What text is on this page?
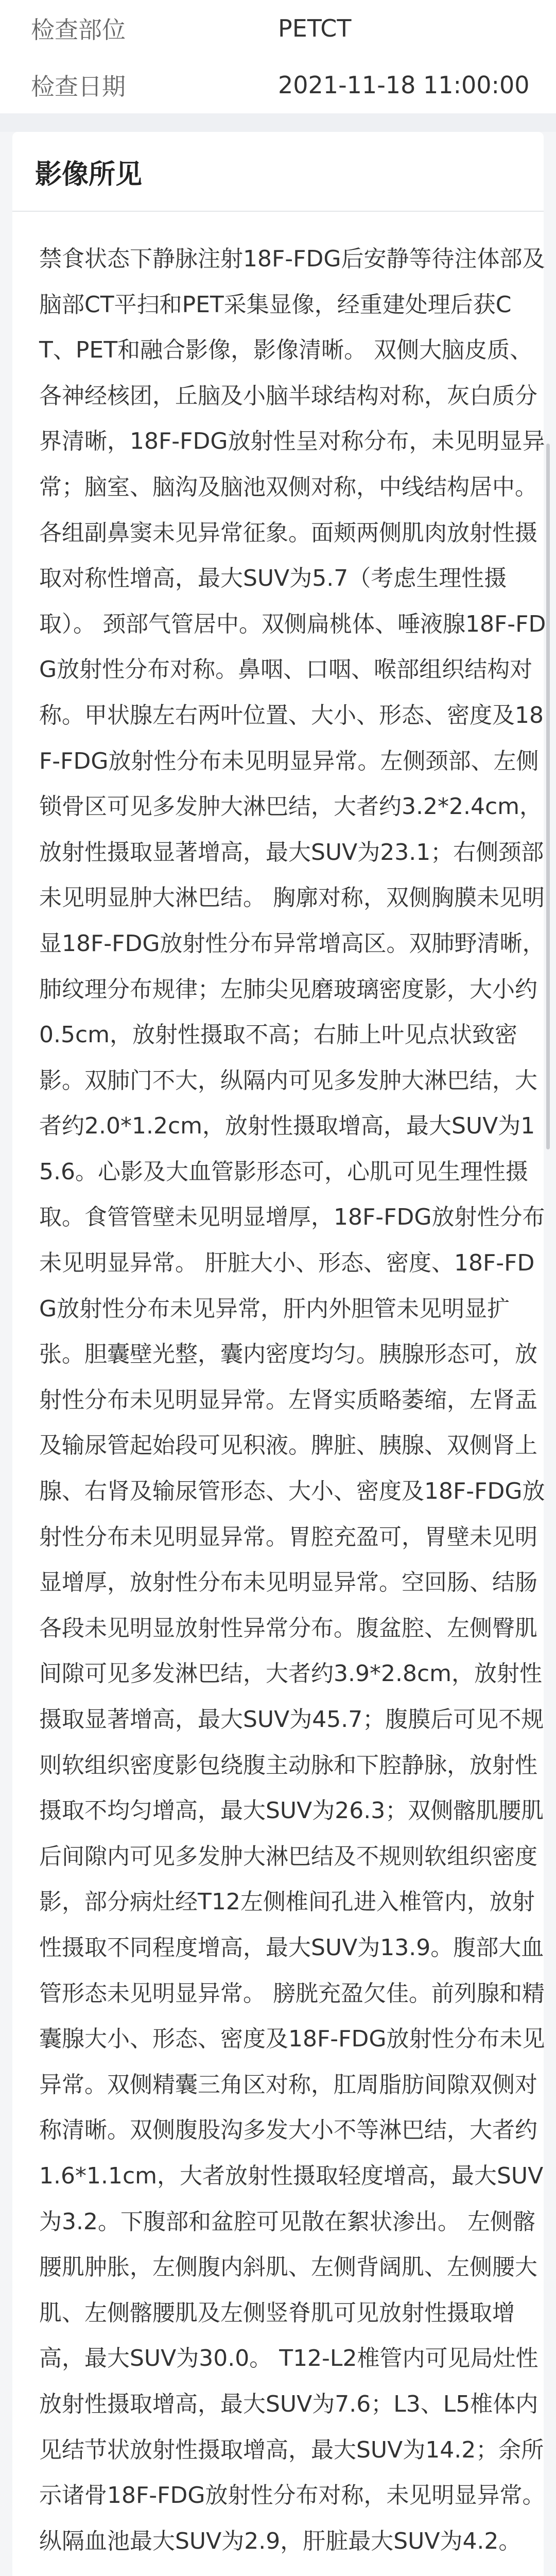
检查部位	PETCT
检查日期	2021-11-18 11:00:00
影像所见
禁食状态下静脉注射18F-FDG后安静等待注体部及脑部CT平扫和PET采集显像，经重建处理后获CT、PET和融合影像，影像清晰。 双侧大脑皮质、各神经核团，丘脑及小脑半球结构对称，灰白质分界清晰，18F-FDG放射性呈对称分布，未见明显异常；脑室、脑沟及脑池双侧对称，中线结构居中。各组副鼻窦未见异常征象。面颊两侧肌肉放射性摄取对称性增高，最大SUV为5.7（考虑生理性摄取）。 颈部气管居中。双侧扁桃体、唾液腺18F-FDG放射性分布对称。鼻咽、口咽、喉部组织结构对称。甲状腺左右两叶位置、大小、形态、密度及18F-FDG放射性分布未见明显异常。左侧颈部、左侧锁骨区可见多发肿大淋巴结，大者约3.2*2.4cm，放射性摄取显著增高，最大SUV为23.1；右侧颈部未见明显肿大淋巴结。 胸廓对称，双侧胸膜未见明显18F-FDG放射性分布异常增高区。双肺野清晰，肺纹理分布规律；左肺尖见磨玻璃密度影，大小约0.5cm，放射性摄取不高；右肺上叶见点状致密影。双肺门不大，纵隔内可见多发肿大淋巴结，大者约2.0*1.2cm，放射性摄取增高，最大SUV为15.6。心影及大血管影形态可，心肌可见生理性摄取。食管管壁未见明显增厚，18F-FDG放射性分布未见明显异常。 肝脏大小、形态、密度、18F-FDG放射性分布未见异常，肝内外胆管未见明显扩张。胆囊壁光整，囊内密度均匀。胰腺形态可，放射性分布未见明显异常。左肾实质略萎缩，左肾盂及输尿管起始段可见积液。脾脏、胰腺、双侧肾上腺、右肾及输尿管形态、大小、密度及18F-FDG放射性分布未见明显异常。胃腔充盈可，胃壁未见明显增厚，放射性分布未见明显异常。空回肠、结肠各段未见明显放射性异常分布。腹盆腔、左侧臀肌间隙可见多发淋巴结，大者约3.9*2.8cm，放射性摄取显著增高，最大SUV为45.7；腹膜后可见不规则软组织密度影包绕腹主动脉和下腔静脉，放射性摄取不均匀增高，最大SUV为26.3；双侧髂肌腰肌后间隙内可见多发肿大淋巴结及不规则软组织密度影，部分病灶经T12左侧椎间孔进入椎管内，放射性摄取不同程度增高，最大SUV为13.9。腹部大血管形态未见明显异常。 膀胱充盈欠佳。前列腺和精囊腺大小、形态、密度及18F-FDG放射性分布未见异常。双侧精囊三角区对称，肛周脂肪间隙双侧对称清晰。双侧腹股沟多发大小不等淋巴结，大者约1.6*1.1cm，大者放射性摄取轻度增高，最大SUV为3.2。下腹部和盆腔可见散在絮状渗出。 左侧髂腰肌肿胀，左侧腹内斜肌、左侧背阔肌、左侧腰大肌、左侧髂腰肌及左侧竖脊肌可见放射性摄取增高，最大SUV为30.0。 T12-L2椎管内可见局灶性放射性摄取增高，最大SUV为7.6；L3、L5椎体内见结节状放射性摄取增高，最大SUV为14.2；余所示诸骨18F-FDG放射性分布对称，未见明显异常。 纵隔血池最大SUV为2.9，肝脏最大SUV为4.2。
